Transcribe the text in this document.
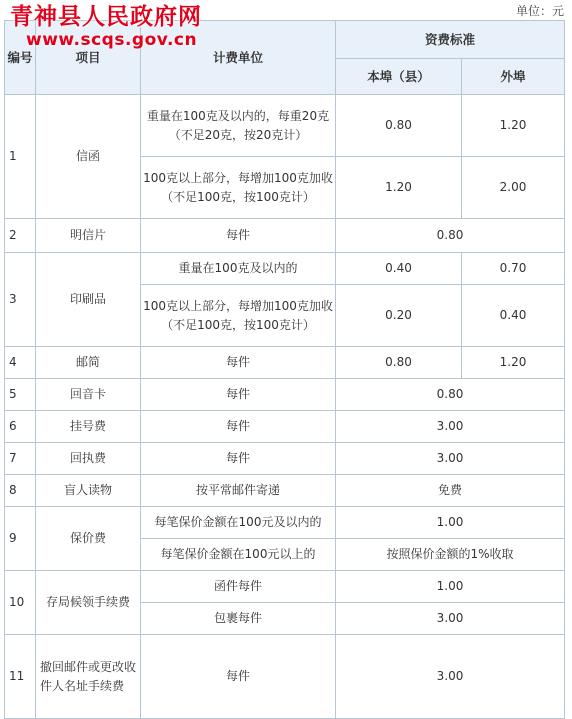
单位：元
青神县人民政府网
www.scqs.gov.cn
编号	项目	计费单位	资费标准	
			本埠（县）	外埠
1	信函	重量在100克及以内的，每重20克（不足20克，按20克计）	0.80	1.20
		100克以上部分，每增加100克加收（不足100克，按100克计）	1.20	2.00
2	明信片	每件	0.80	
3	印刷品	重量在100克及以内的	0.40	0.70
		100克以上部分，每增加100克加收（不足100克，按100克计）	0.20	0.40
4	邮简	每件	0.80	1.20
5	回音卡	每件	0.80	
6	挂号费	每件	3.00	
7	回执费	每件	3.00	
8	盲人读物	按平常邮件寄递	免费	
9	保价费	每笔保价金额在100元及以内的	1.00	
		每笔保价金额在100元以上的	按照保价金额的1%收取	
10	存局候领手续费	函件每件	1.00	
		包裹每件	3.00	
11	撤回邮件或更改收件人名址手续费	每件	3.00	
